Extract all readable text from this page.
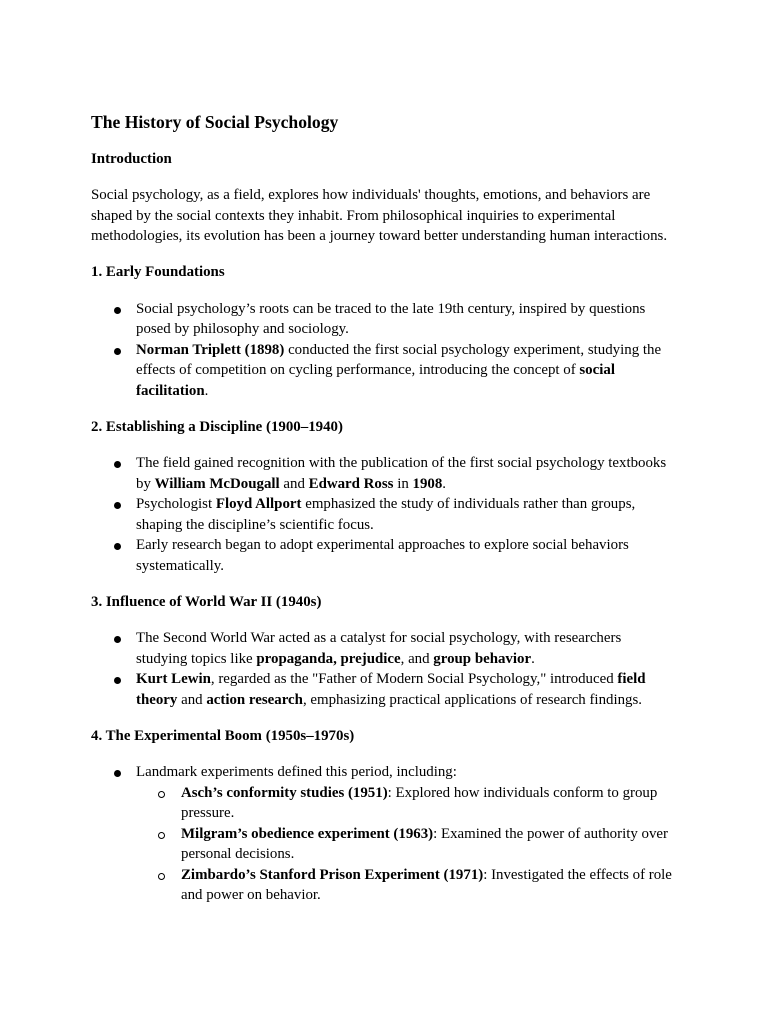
The History of Social Psychology
Introduction

Social psychology, as a field, explores how individuals' thoughts, emotions, and behaviors are shaped by the social contexts they inhabit. From philosophical inquiries to experimental methodologies, its evolution has been a journey toward better understanding human interactions.

1. Early Foundations
Social psychology’s roots can be traced to the late 19th century, inspired by questions
posed by philosophy and sociology.
Norman Triplett (1898) conducted the first social psychology experiment, studying the
effects of competition on cycling performance, introducing the concept of social
facilitation.
2. Establishing a Discipline (1900–1940)
The field gained recognition with the publication of the first social psychology textbooks
by William McDougall and Edward Ross in 1908.
Psychologist Floyd Allport emphasized the study of individuals rather than groups,
shaping the discipline’s scientific focus.
Early research began to adopt experimental approaches to explore social behaviors
systematically.
3. Influence of World War II (1940s)
The Second World War acted as a catalyst for social psychology, with researchers
studying topics like propaganda, prejudice, and group behavior.
Kurt Lewin, regarded as the "Father of Modern Social Psychology," introduced field
theory and action research, emphasizing practical applications of research findings.
4. The Experimental Boom (1950s–1970s)
Landmark experiments defined this period, including:
Asch’s conformity studies (1951): Explored how individuals conform to group
pressure.
Milgram’s obedience experiment (1963): Examined the power of authority over
personal decisions.
Zimbardo’s Stanford Prison Experiment (1971): Investigated the effects of role
and power on behavior.
